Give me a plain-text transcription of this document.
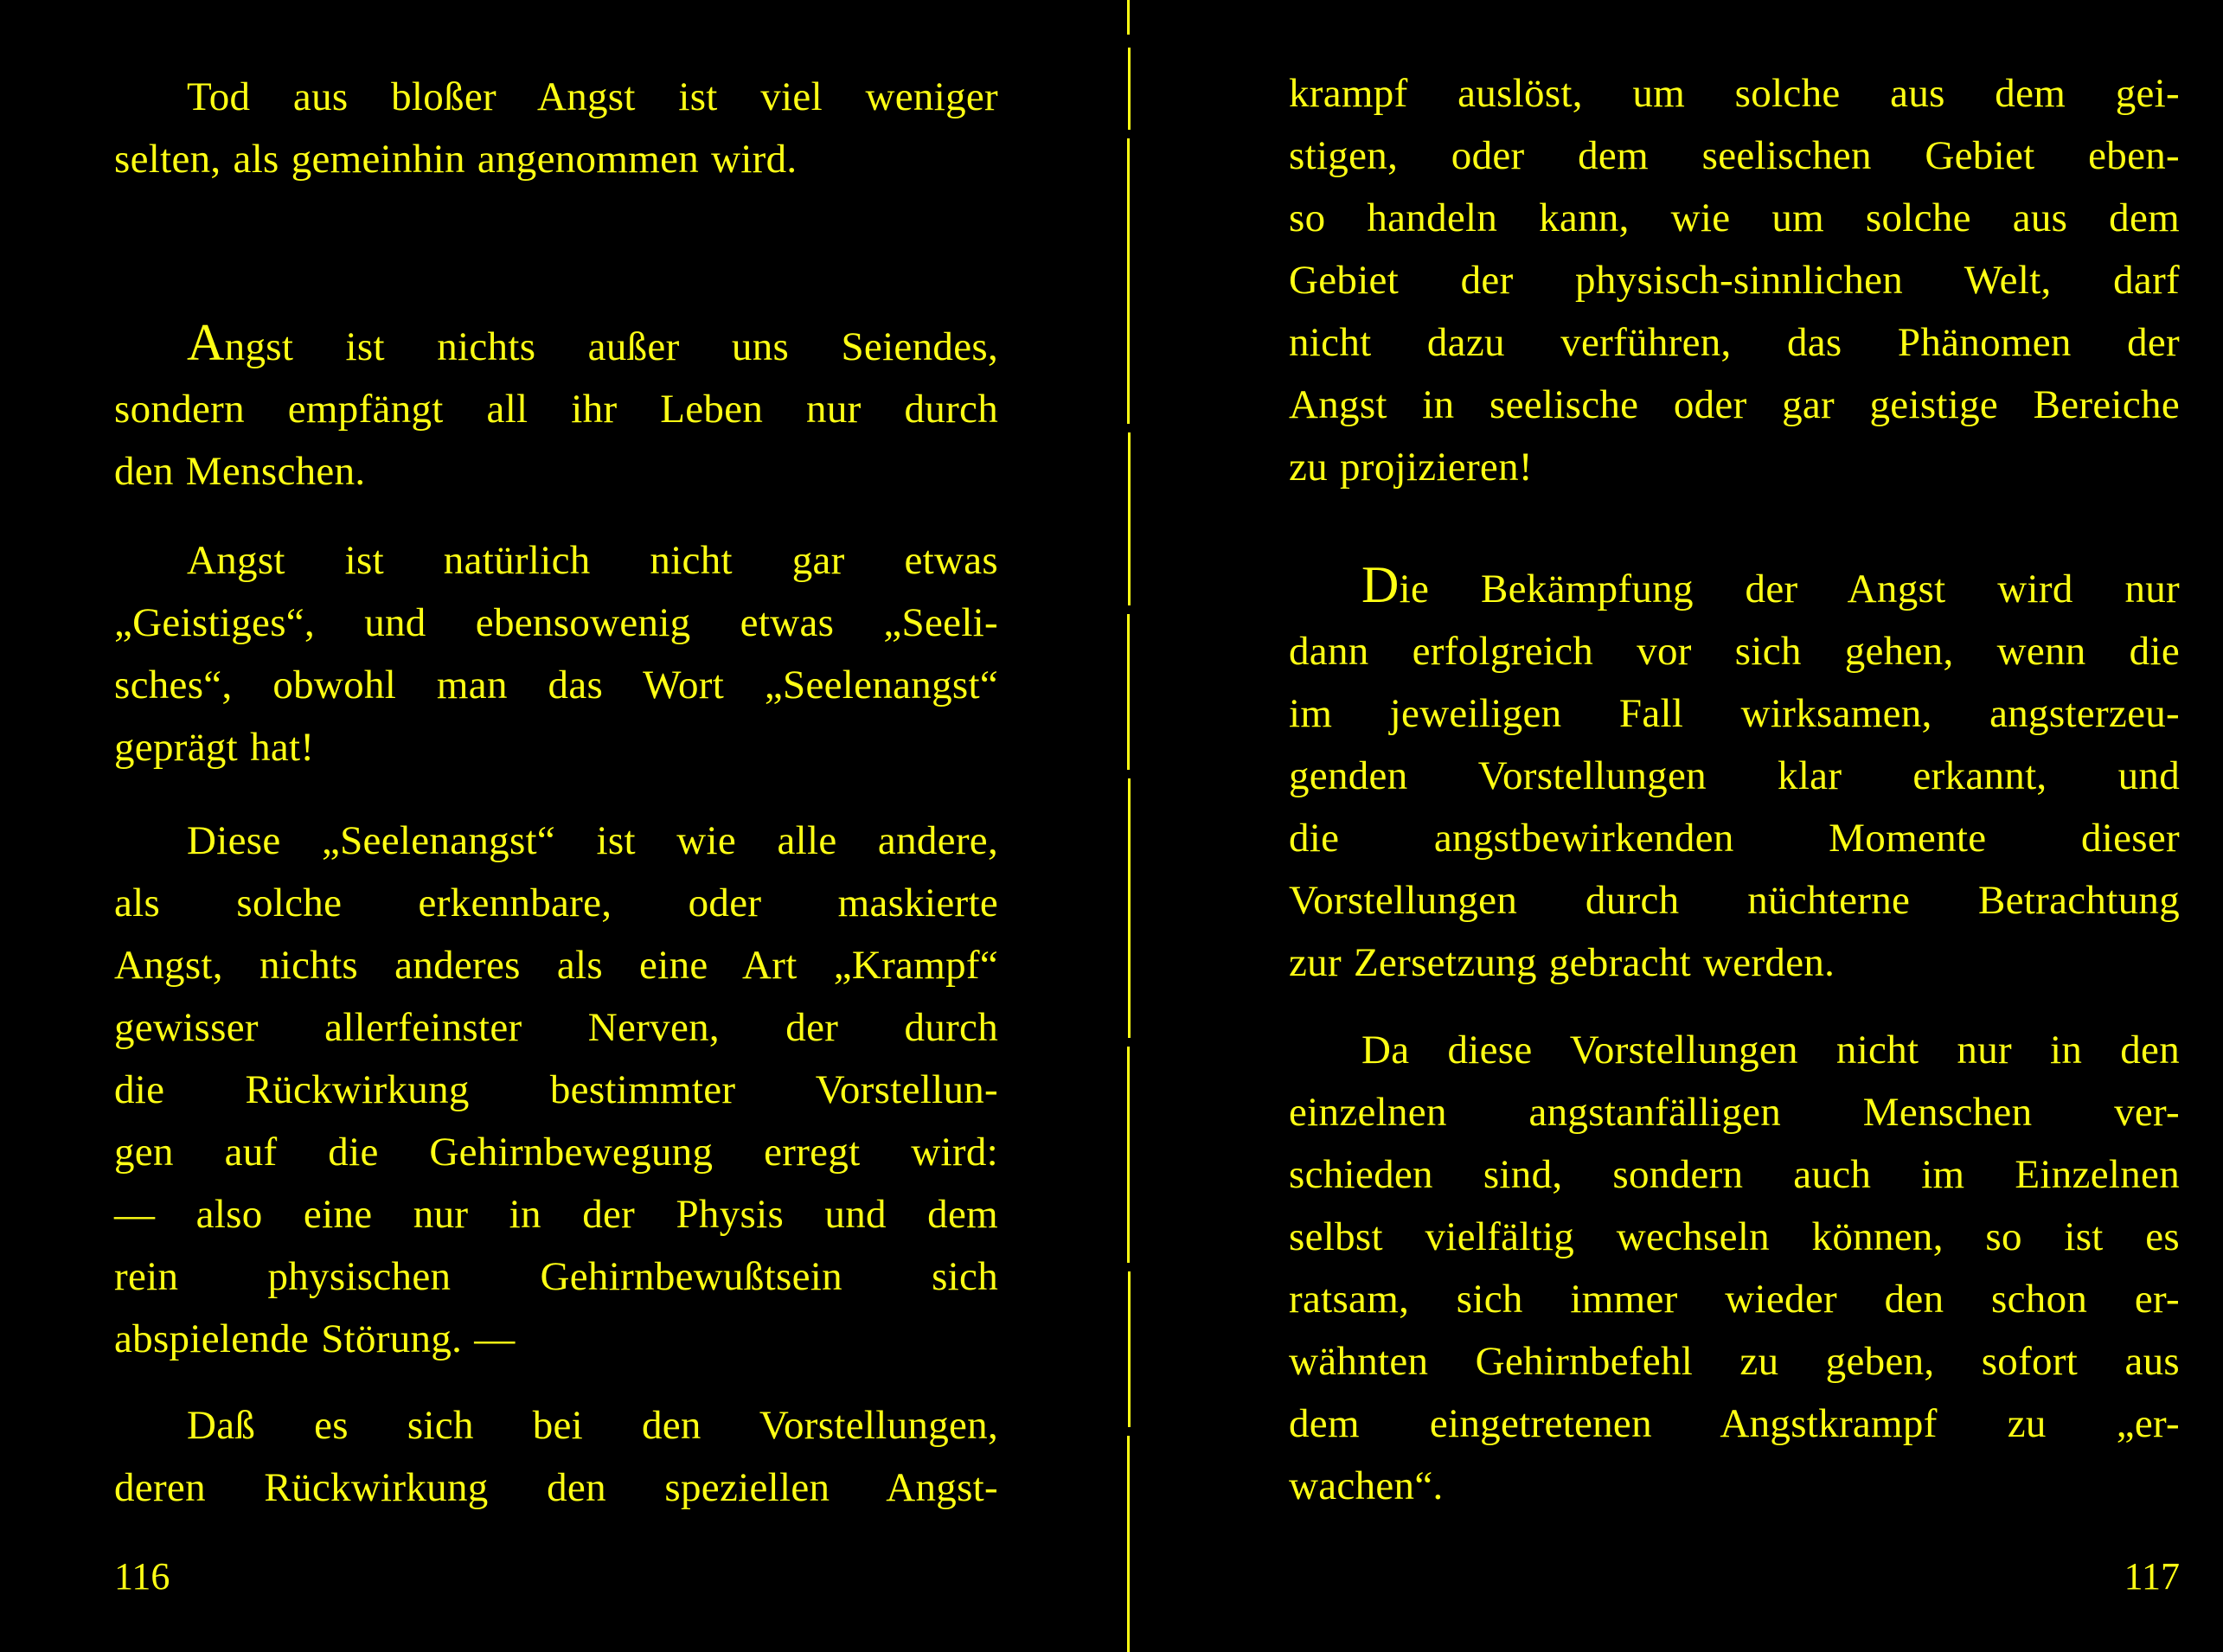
Tod aus bloßer Angst ist viel weniger
selten, als gemeinhin angenommen wird.

Angst ist nichts außer uns Seiendes,
sondern empfängt all ihr Leben nur durch
den Menschen.

Angst ist natürlich nicht gar etwas
„Geistiges“, und ebensowenig etwas „Seeli-
sches“, obwohl man das Wort „Seelenangst“
geprägt hat!

Diese „Seelenangst“ ist wie alle andere,
als solche erkennbare, oder maskierte
Angst, nichts anderes als eine Art „Krampf“
gewisser allerfeinster Nerven, der durch
die Rückwirkung bestimmter Vorstellun-
gen auf die Gehirnbewegung erregt wird:
— also eine nur in der Physis und dem
rein physischen Gehirnbewußtsein sich
abspielende Störung. —

Daß es sich bei den Vorstellungen,
deren Rückwirkung den speziellen Angst-

116

krampf auslöst, um solche aus dem gei-
stigen, oder dem seelischen Gebiet eben-
so handeln kann, wie um solche aus dem
Gebiet der physisch-sinnlichen Welt, darf
nicht dazu verführen, das Phänomen der
Angst in seelische oder gar geistige Bereiche
zu projizieren!

Die Bekämpfung der Angst wird nur
dann erfolgreich vor sich gehen, wenn die
im jeweiligen Fall wirksamen, angsterzeu-
genden Vorstellungen klar erkannt, und
die angstbewirkenden Momente dieser
Vorstellungen durch nüchterne Betrachtung
zur Zersetzung gebracht werden.

Da diese Vorstellungen nicht nur in den
einzelnen angstanfälligen Menschen ver-
schieden sind, sondern auch im Einzelnen
selbst vielfältig wechseln können, so ist es
ratsam, sich immer wieder den schon er-
wähnten Gehirnbefehl zu geben, sofort aus
dem eingetretenen Angstkrampf zu „er-
wachen“.

117
